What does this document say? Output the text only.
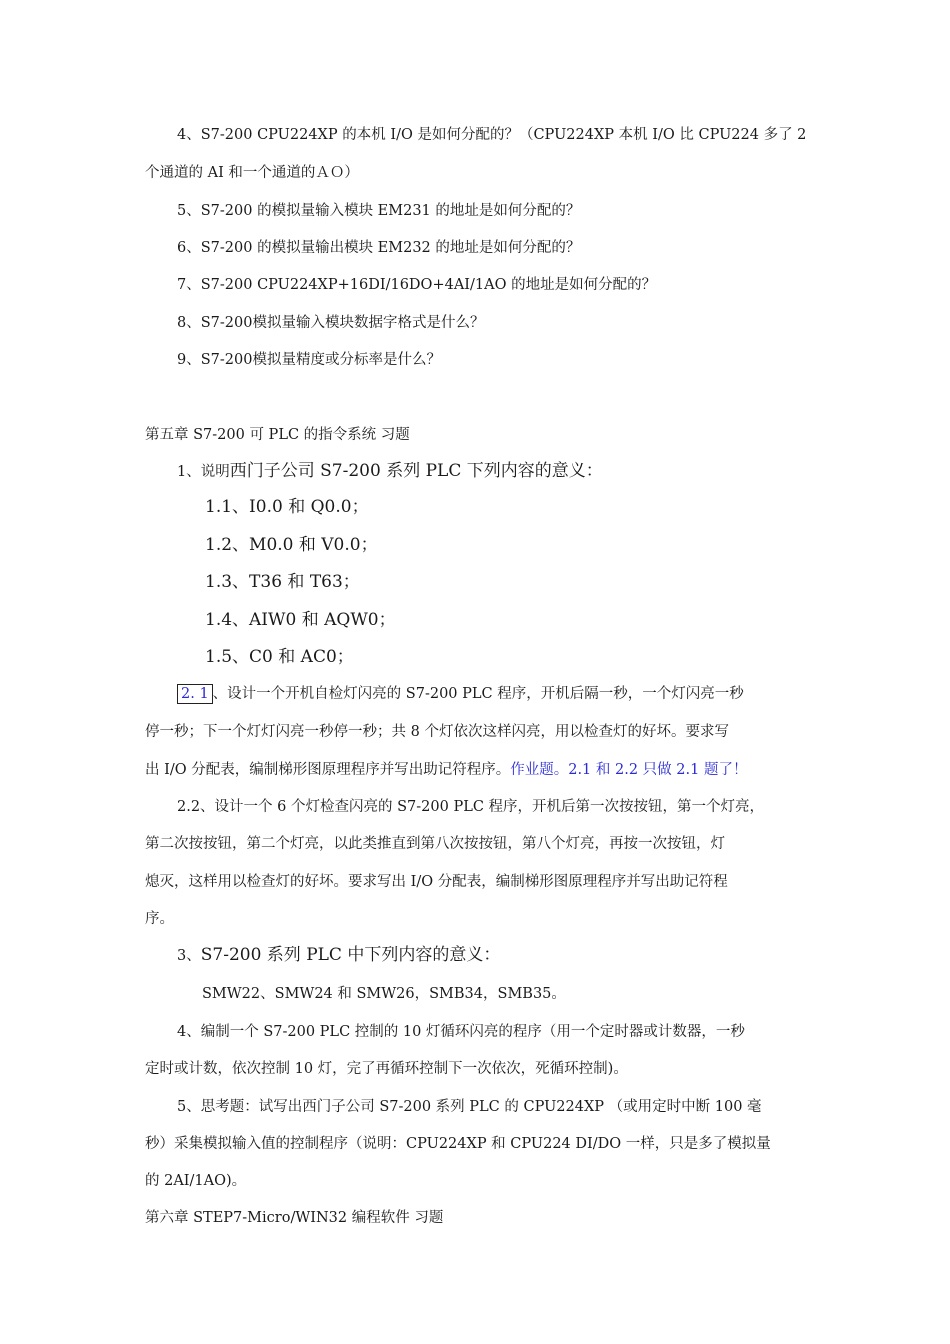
4、S7-200 CPU224XP 的本机 I/O 是如何分配的？（CPU224XP 本机 I/O 比 CPU224 多了 2
个通道的 AI 和一个通道的ＡＯ）
5、S7-200 的模拟量输入模块 EM231 的地址是如何分配的？
6、S7-200 的模拟量输出模块 EM232 的地址是如何分配的？
7、S7-200 CPU224XP+16DI/16DO+4AI/1AO 的地址是如何分配的？
8、S7-200模拟量输入模块数据字格式是什么？
9、S7-200模拟量精度或分标率是什么？
第五章 S7-200 可 PLC 的指令系统 习题
1、说明西门子公司 S7-200 系列 PLC 下列内容的意义：
1.1、I0.0 和 Q0.0；
1.2、M0.0 和 V0.0；
1.3、T36 和 T63；
1.4、AIW0 和 AQW0；
1.5、C0 和 AC0；
2. 1 、设计一个开机自检灯闪亮的 S7-200 PLC 程序，开机后隔一秒，一个灯闪亮一秒
停一秒；下一个灯灯闪亮一秒停一秒；共 8 个灯依次这样闪亮，用以检查灯的好坏。要求写
出 I/O 分配表，编制梯形图原理程序并写出助记符程序。作业题。2.1 和 2.2 只做 2.1 题了！
2.2、设计一个 6 个灯检查闪亮的 S7-200 PLC 程序，开机后第一次按按钮，第一个灯亮，
第二次按按钮，第二个灯亮，以此类推直到第八次按按钮，第八个灯亮，再按一次按钮，灯
熄灭，这样用以检查灯的好坏。要求写出 I/O 分配表，编制梯形图原理程序并写出助记符程
序。
3、S7-200 系列 PLC 中下列内容的意义：
SMW22、SMW24 和 SMW26，SMB34，SMB35。
4、编制一个 S7-200 PLC 控制的 10 灯循环闪亮的程序（用一个定时器或计数器，一秒
定时或计数，依次控制 10 灯，完了再循环控制下一次依次，死循环控制)。
5、思考题：试写出西门子公司 S7-200 系列 PLC 的 CPU224XP （或用定时中断 100 毫
秒）采集模拟输入值的控制程序（说明：CPU224XP 和 CPU224 DI/DO 一样，只是多了模拟量
的 2AI/1AO)。
第六章 STEP7-Micro/WIN32 编程软件 习题
